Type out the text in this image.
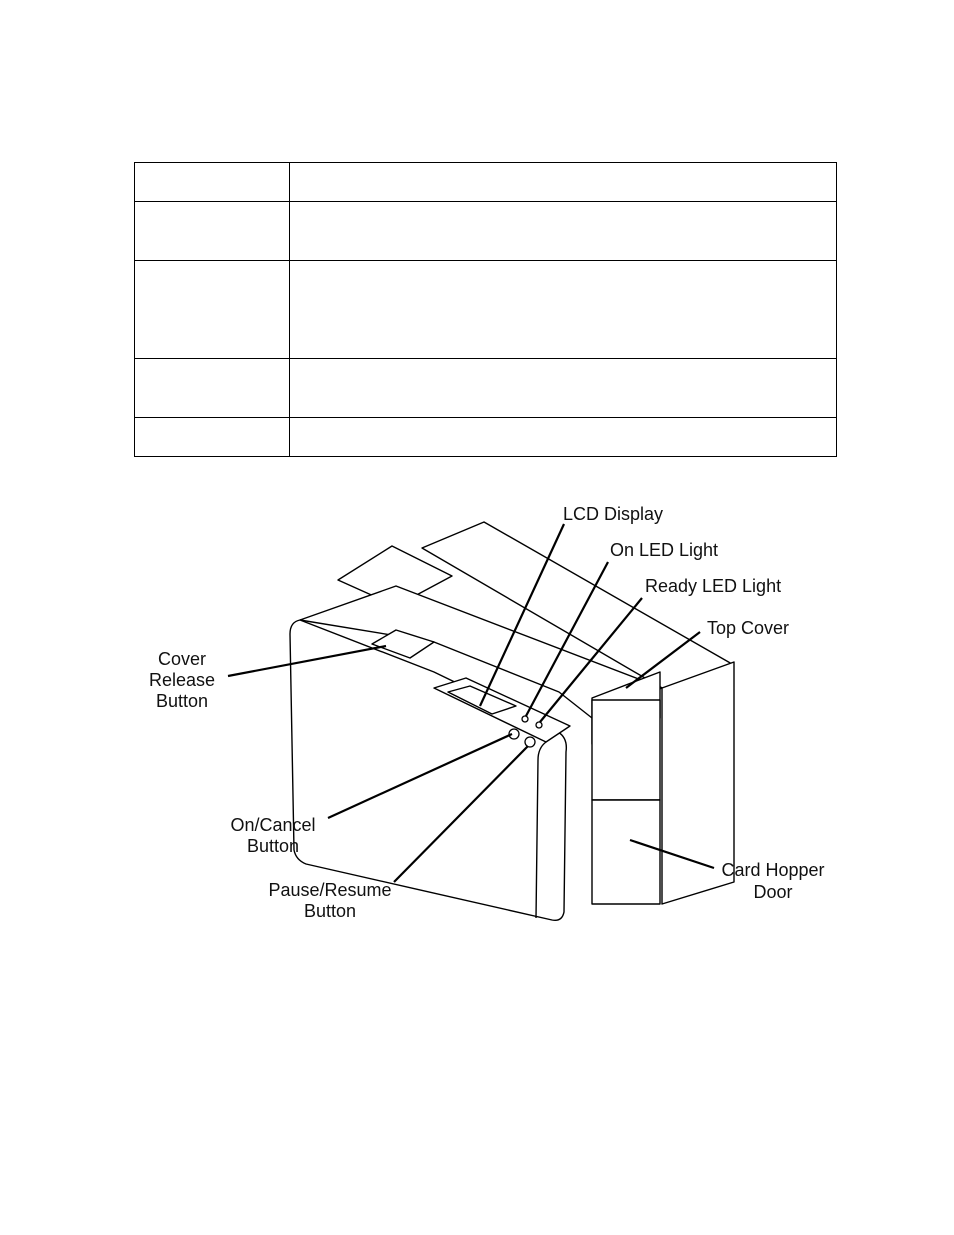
LCD Display
On LED Light
Ready LED Light
Top Cover
Cover
Release
Button
On/Cancel
Button
Pause/Resume
Button
Card Hopper
Door
